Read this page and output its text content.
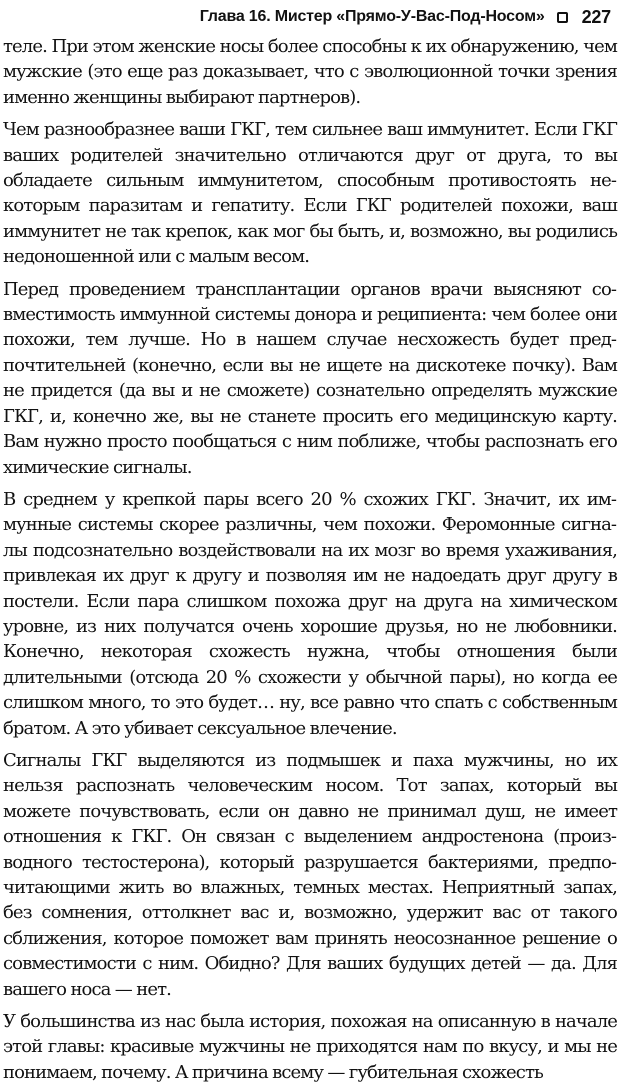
Глава 16. Мистер «Прямо-У-Вас-Под-Носом» 227

теле. При этом женские носы более способны к их обнаружению, чем мужские (это еще раз доказывает, что с эволюционной точки зрения именно женщины выбирают партнеров).

Чем разнообразнее ваши ГКГ, тем сильнее ваш иммунитет. Если ГКГ ваших родителей значительно отличаются друг от друга, то вы обладаете сильным иммунитетом, способным противостоять некоторым паразитам и гепатиту. Если ГКГ родителей похожи, ваш иммунитет не так крепок, как мог бы быть, и, возможно, вы родились недоношенной или с малым весом.

Перед проведением трансплантации органов врачи выясняют совместимость иммунной системы донора и реципиента: чем более они похожи, тем лучше. Но в нашем случае несхожесть будет предпочтительней (конечно, если вы не ищете на дискотеке почку). Вам не придется (да вы и не сможете) сознательно определять мужские ГКГ, и, конечно же, вы не станете просить его медицинскую карту. Вам нужно просто пообщаться с ним поближе, чтобы распознать его химические сигналы.

В среднем у крепкой пары всего 20 % схожих ГКГ. Значит, их иммунные системы скорее различны, чем похожи. Феромонные сигналы подсознательно воздействовали на их мозг во время ухаживания, привлекая их друг к другу и позволяя им не надоедать друг другу в постели. Если пара слишком похожа друг на друга на химическом уровне, из них получатся очень хорошие друзья, но не любовники. Конечно, некоторая схожесть нужна, чтобы отношения были длительными (отсюда 20 % схожести у обычной пары), но когда ее слишком много, то это будет… ну, все равно что спать с собственным братом. А это убивает сексуальное влечение.

Сигналы ГКГ выделяются из подмышек и паха мужчины, но их нельзя распознать человеческим носом. Тот запах, который вы можете почувствовать, если он давно не принимал душ, не имеет отношения к ГКГ. Он связан с выделением андростенона (производного тестостерона), который разрушается бактериями, предпочитающими жить во влажных, темных местах. Неприятный запах, без сомнения, оттолкнет вас и, возможно, удержит вас от такого сближения, которое поможет вам принять неосознанное решение о совместимости с ним. Обидно? Для ваших будущих детей — да. Для вашего носа — нет.

У большинства из нас была история, похожая на описанную в начале этой главы: красивые мужчины не приходятся нам по вкусу, и мы не понимаем, почему. А причина всему — губительная схожесть
